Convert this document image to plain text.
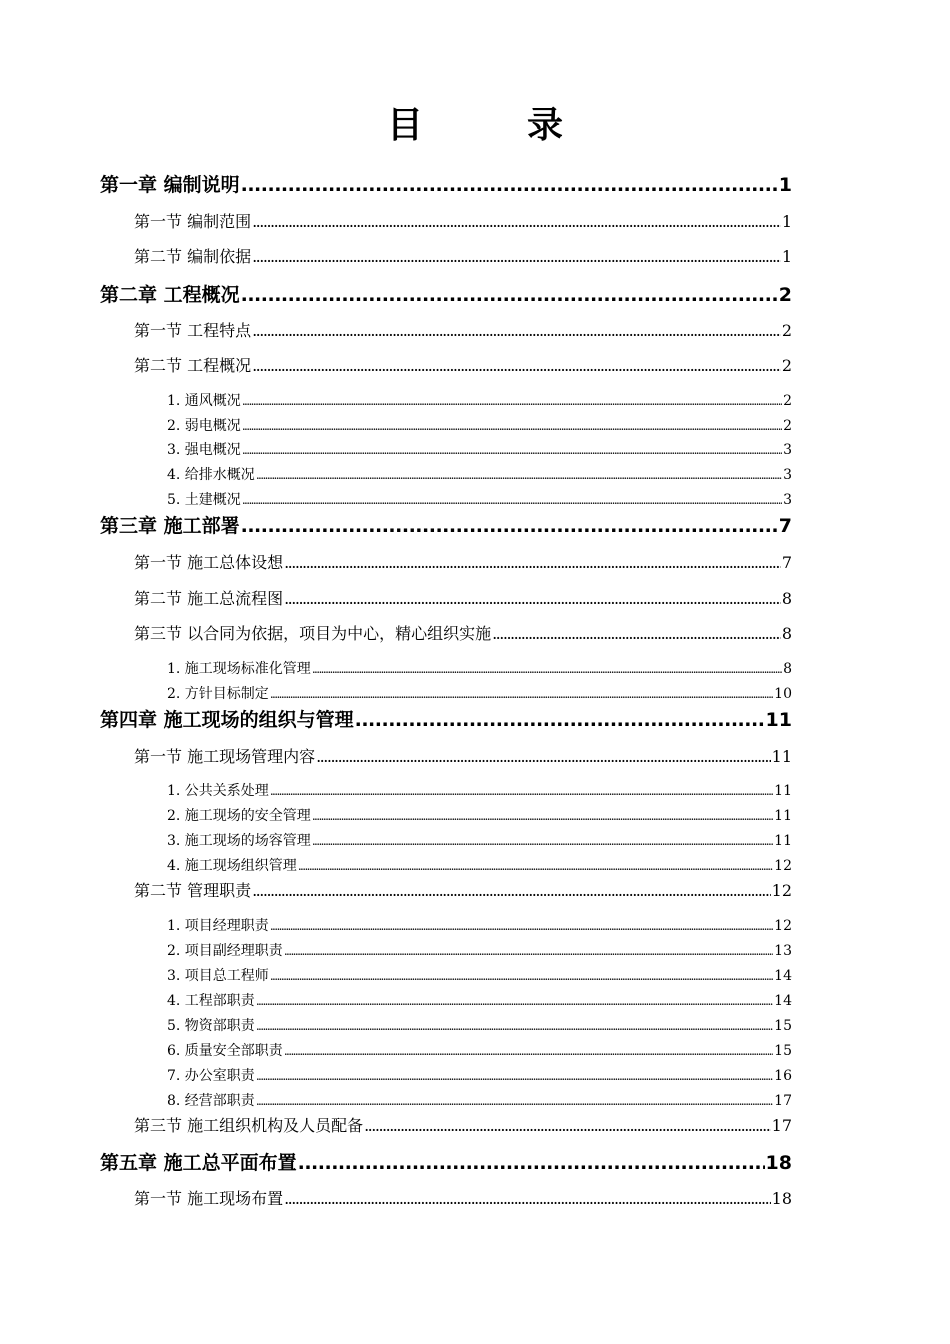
目　录
第一章 编制说明 .....	1
第一节 编制范围 .....	1
第二节 编制依据 .....	1
第二章 工程概况 .....	2
第一节 工程特点 .....	2
第二节 工程概况 .....	2
1. 通风概况 .....	2
2. 弱电概况 .....	2
3. 强电概况 .....	3
4. 给排水概况 .....	3
5. 土建概况 .....	3
第三章 施工部署 .....	7
第一节 施工总体设想 .....	7
第二节 施工总流程图 .....	8
第三节 以合同为依据，项目为中心，精心组织实施 .....	8
1. 施工现场标准化管理 .....	8
2. 方针目标制定 .....	10
第四章 施工现场的组织与管理 .....	11
第一节 施工现场管理内容 .....	11
1. 公共关系处理 .....	11
2. 施工现场的安全管理 .....	11
3. 施工现场的场容管理 .....	11
4. 施工现场组织管理 .....	12
第二节 管理职责 .....	12
1. 项目经理职责 .....	12
2. 项目副经理职责 .....	13
3. 项目总工程师 .....	14
4. 工程部职责 .....	14
5. 物资部职责 .....	15
6. 质量安全部职责 .....	15
7. 办公室职责 .....	16
8. 经营部职责 .....	17
第三节 施工组织机构及人员配备 .....	17
第五章 施工总平面布置 .....	18
第一节 施工现场布置 .....	18
